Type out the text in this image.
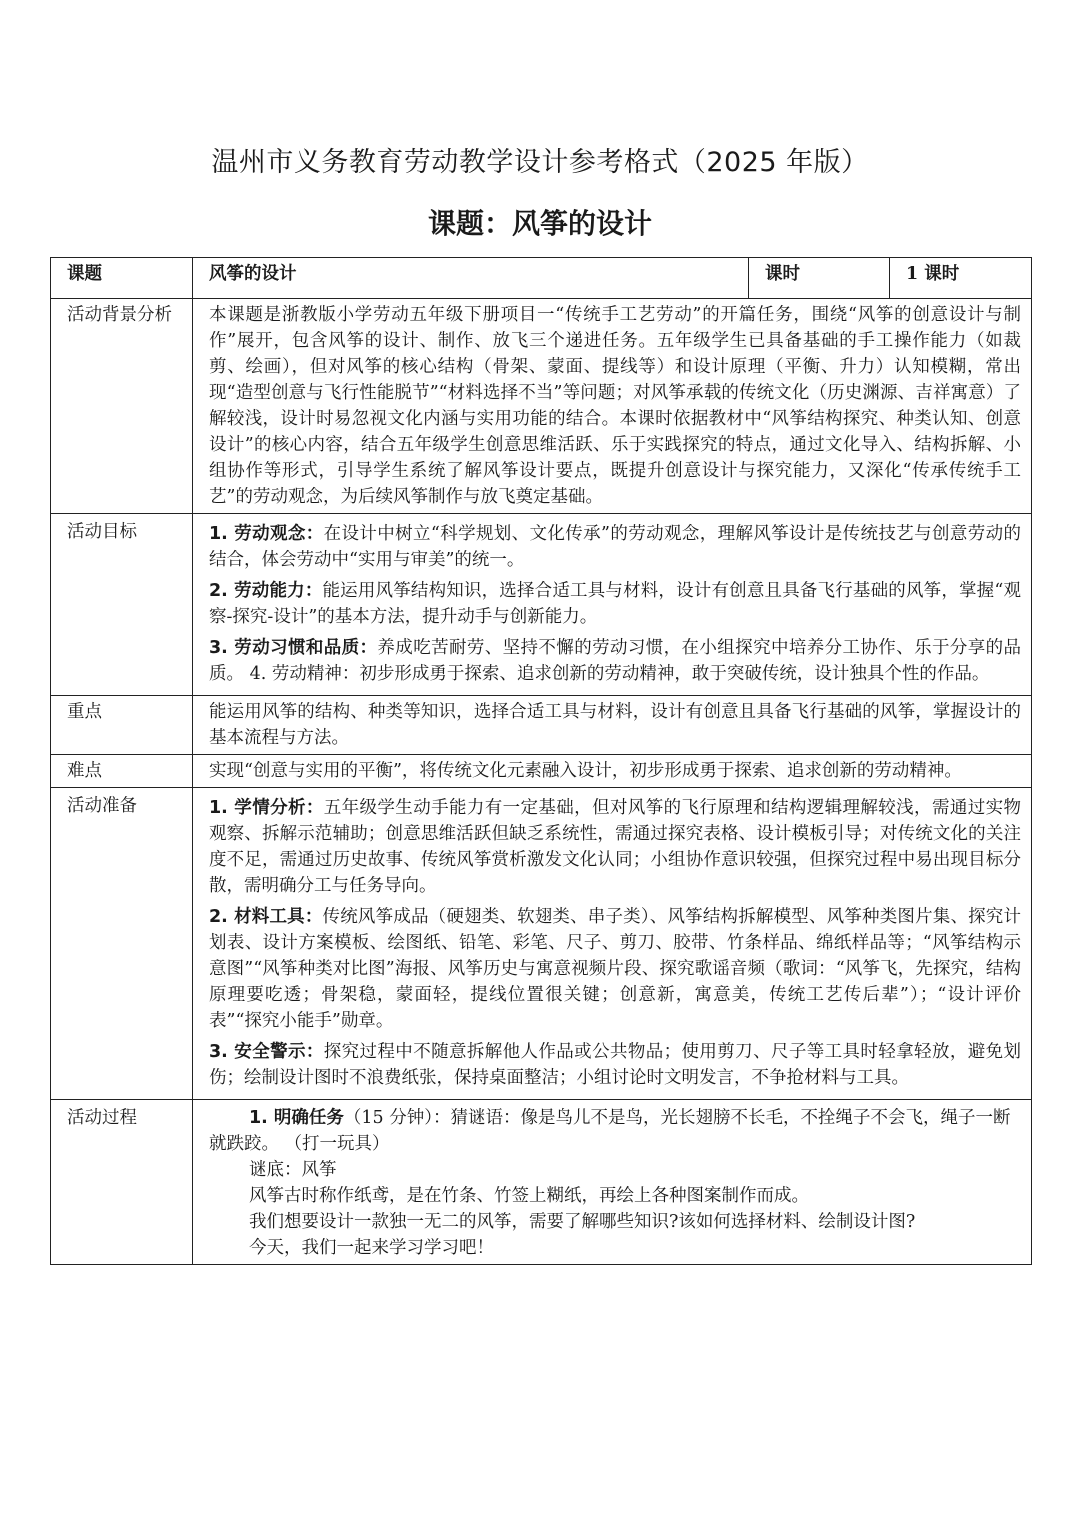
温州市义务教育劳动教学设计参考格式（2025 年版）
课题：风筝的设计
课题	风筝的设计	课时	1 课时
活动背景分析	本课题是浙教版小学劳动五年级下册项目一“传统手工艺劳动”的开篇任务，围绕“风筝的创意设计与制作”展开，包含风筝的设计、制作、放飞三个递进任务。五年级学生已具备基础的手工操作能力（如裁剪、绘画），但对风筝的核心结构（骨架、蒙面、提线等）和设计原理（平衡、升力）认知模糊，常出现“造型创意与飞行性能脱节”“材料选择不当”等问题；对风筝承载的传统文化（历史渊源、吉祥寓意）了解较浅，设计时易忽视文化内涵与实用功能的结合。本课时依据教材中“风筝结构探究、种类认知、创意设计”的核心内容，结合五年级学生创意思维活跃、乐于实践探究的特点，通过文化导入、结构拆解、小组协作等形式，引导学生系统了解风筝设计要点，既提升创意设计与探究能力，又深化“传承传统手工艺”的劳动观念，为后续风筝制作与放飞奠定基础。		

活动目标	1. 劳动观念：在设计中树立“科学规划、文化传承”的劳动观念，理解风筝设计是传统技艺与创意劳动的结合，体会劳动中“实用与审美”的统一。
2. 劳动能力：能运用风筝结构知识，选择合适工具与材料，设计有创意且具备飞行基础的风筝，掌握“观察-探究-设计”的基本方法，提升动手与创新能力。
3. 劳动习惯和品质：养成吃苦耐劳、坚持不懈的劳动习惯，在小组探究中培养分工协作、乐于分享的品质。 4. 劳动精神：初步形成勇于探索、追求创新的劳动精神，敢于突破传统，设计独具个性的作品。		

重点	能运用风筝的结构、种类等知识，选择合适工具与材料，设计有创意且具备飞行基础的风筝，掌握设计的基本流程与方法。		

难点	实现“创意与实用的平衡”，将传统文化元素融入设计，初步形成勇于探索、追求创新的劳动精神。		

活动准备	1. 学情分析：五年级学生动手能力有一定基础，但对风筝的飞行原理和结构逻辑理解较浅，需通过实物观察、拆解示范辅助；创意思维活跃但缺乏系统性，需通过探究表格、设计模板引导；对传统文化的关注度不足，需通过历史故事、传统风筝赏析激发文化认同；小组协作意识较强，但探究过程中易出现目标分散，需明确分工与任务导向。
2. 材料工具：传统风筝成品（硬翅类、软翅类、串子类）、风筝结构拆解模型、风筝种类图片集、探究计划表、设计方案模板、绘图纸、铅笔、彩笔、尺子、剪刀、胶带、竹条样品、绵纸样品等；“风筝结构示意图”“风筝种类对比图”海报、风筝历史与寓意视频片段、探究歌谣音频（歌词：“风筝飞，先探究，结构原理要吃透；骨架稳，蒙面轻，提线位置很关键；创意新，寓意美，传统工艺传后辈”）；“设计评价表”“探究小能手”勋章。
3. 安全警示：探究过程中不随意拆解他人作品或公共物品；使用剪刀、尺子等工具时轻拿轻放，避免划伤；绘制设计图时不浪费纸张，保持桌面整洁；小组讨论时文明发言，不争抢材料与工具。		

活动过程	1. 明确任务（15 分钟）：猜谜语：像是鸟儿不是鸟，光长翅膀不长毛，不拴绳子不会飞，绳子一断就跌跤。 （打一玩具）

谜底：风筝

风筝古时称作纸鸢，是在竹条、竹签上糊纸，再绘上各种图案制作而成。

我们想要设计一款独一无二的风筝，需要了解哪些知识?该如何选择材料、绘制设计图?

今天，我们一起来学习学习吧！		
